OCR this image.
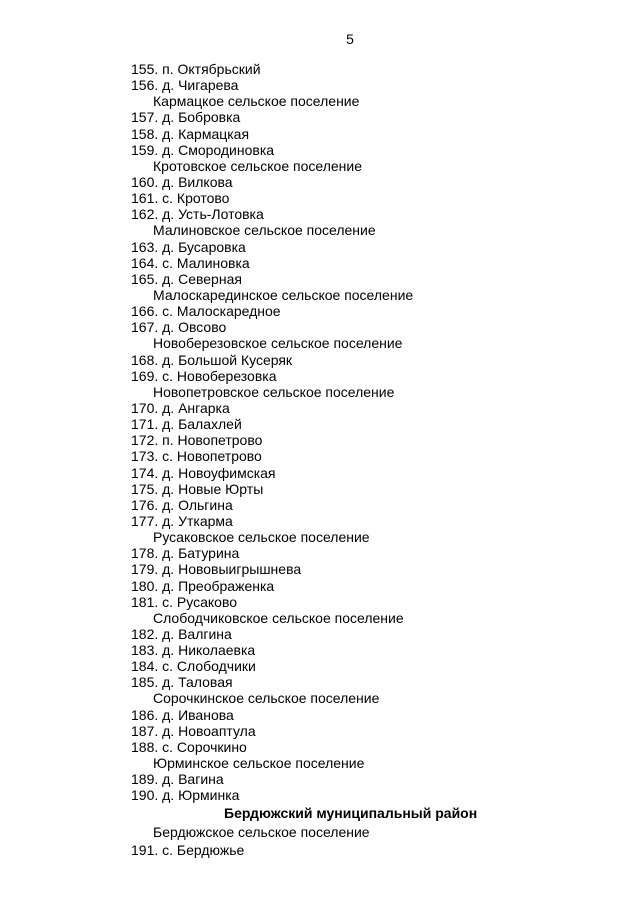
5
155. п. Октябрьский
156. д. Чигарева
Кармацкое сельское поселение
157. д. Бобровка
158. д. Кармацкая
159. д. Смородиновка
Кротовское сельское поселение
160. д. Вилкова
161. с. Кротово
162. д. Усть-Лотовка
Малиновское сельское поселение
163. д. Бусаровка
164. с. Малиновка
165. д. Северная
Малоскарединское сельское поселение
166. с. Малоскаредное
167. д. Овсово
Новоберезовское сельское поселение
168. д. Большой Кусеряк
169. с. Новоберезовка
Новопетровское сельское поселение
170. д. Ангарка
171. д. Балахлей
172. п. Новопетрово
173. с. Новопетрово
174. д. Новоуфимская
175. д. Новые Юрты
176. д. Ольгина
177. д. Уткарма
Русаковское сельское поселение
178. д. Батурина
179. д. Нововыигрышнева
180. д. Преображенка
181. с. Русаково
Слободчиковское сельское поселение
182. д. Валгина
183. д. Николаевка
184. с. Слободчики
185. д. Таловая
Сорочкинское сельское поселение
186. д. Иванова
187. д. Новоаптула
188. с. Сорочкино
Юрминское сельское поселение
189. д. Вагина
190. д. Юрминка
Бердюжский муниципальный район
Бердюжское сельское поселение
191. с. Бердюжье
